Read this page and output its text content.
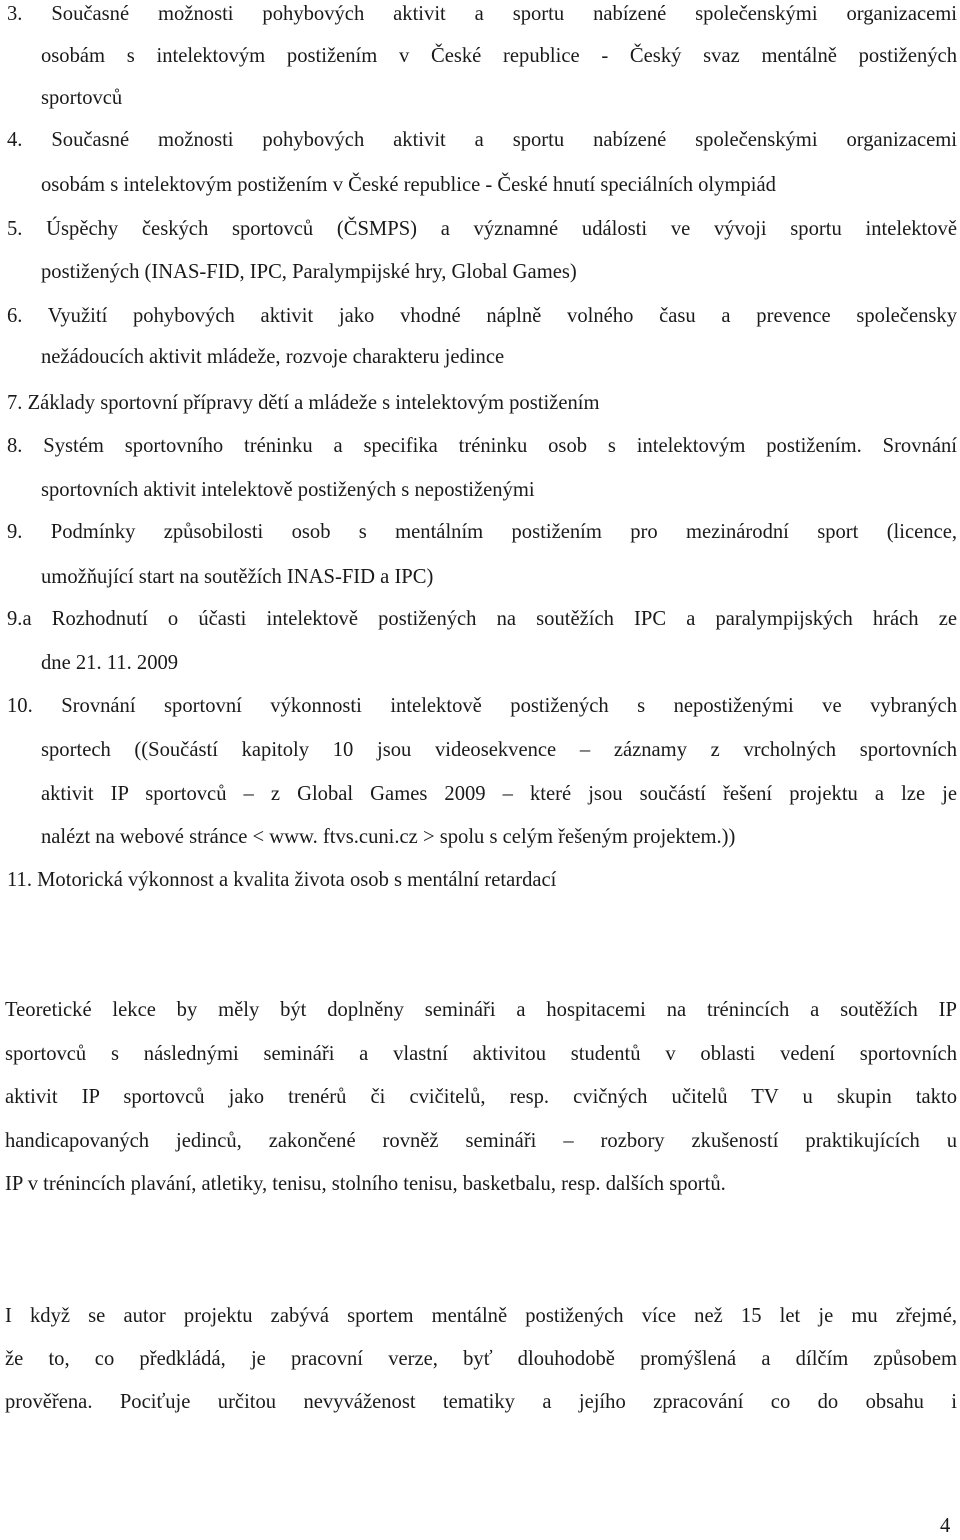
3. Současné možnosti pohybových aktivit a sportu nabízené společenskými organizacemi
osobám s intelektovým postižením v České republice - Český svaz mentálně postižených
sportovců
4. Současné možnosti pohybových aktivit a sportu nabízené společenskými organizacemi
osobám s intelektovým postižením v České republice - České hnutí speciálních olympiád
5. Úspěchy českých sportovců (ČSMPS) a významné události ve vývoji sportu intelektově
postižených (INAS-FID, IPC, Paralympijské hry, Global Games)
6. Využití pohybových aktivit jako vhodné náplně volného času a prevence společensky
nežádoucích aktivit mládeže, rozvoje charakteru jedince
7. Základy sportovní přípravy dětí a mládeže s intelektovým postižením
8. Systém sportovního tréninku a specifika tréninku osob s intelektovým postižením. Srovnání
sportovních aktivit intelektově postižených s nepostiženými
9. Podmínky způsobilosti osob s mentálním postižením pro mezinárodní sport (licence,
umožňující start na soutěžích INAS-FID a IPC)
9.a Rozhodnutí o účasti intelektově postižených na soutěžích IPC a paralympijských hrách ze
dne 21. 11. 2009
10. Srovnání sportovní výkonnosti intelektově postižených s nepostiženými ve vybraných
sportech ((Součástí kapitoly 10 jsou videosekvence – záznamy z vrcholných sportovních
aktivit IP sportovců – z Global Games 2009 – které jsou součástí řešení projektu a lze je
nalézt na webové stránce < www. ftvs.cuni.cz > spolu s celým řešeným projektem.))
11. Motorická výkonnost a kvalita života osob s mentální retardací
Teoretické lekce by měly být doplněny semináři a hospitacemi na trénincích a soutěžích IP
sportovců s následnými semináři a vlastní aktivitou studentů v oblasti vedení sportovních
aktivit IP sportovců jako trenérů či cvičitelů, resp. cvičných učitelů TV u skupin takto
handicapovaných jedinců, zakončené rovněž semináři – rozbory zkušeností praktikujících u
IP v trénincích plavání, atletiky, tenisu, stolního tenisu, basketbalu, resp. dalších sportů.
I když se autor projektu zabývá sportem mentálně postižených více než 15 let je mu zřejmé,
že to, co předkládá, je pracovní verze, byť dlouhodobě promýšlená a dílčím způsobem
prověřena. Pociťuje určitou nevyváženost tematiky a jejího zpracování co do obsahu i
4
